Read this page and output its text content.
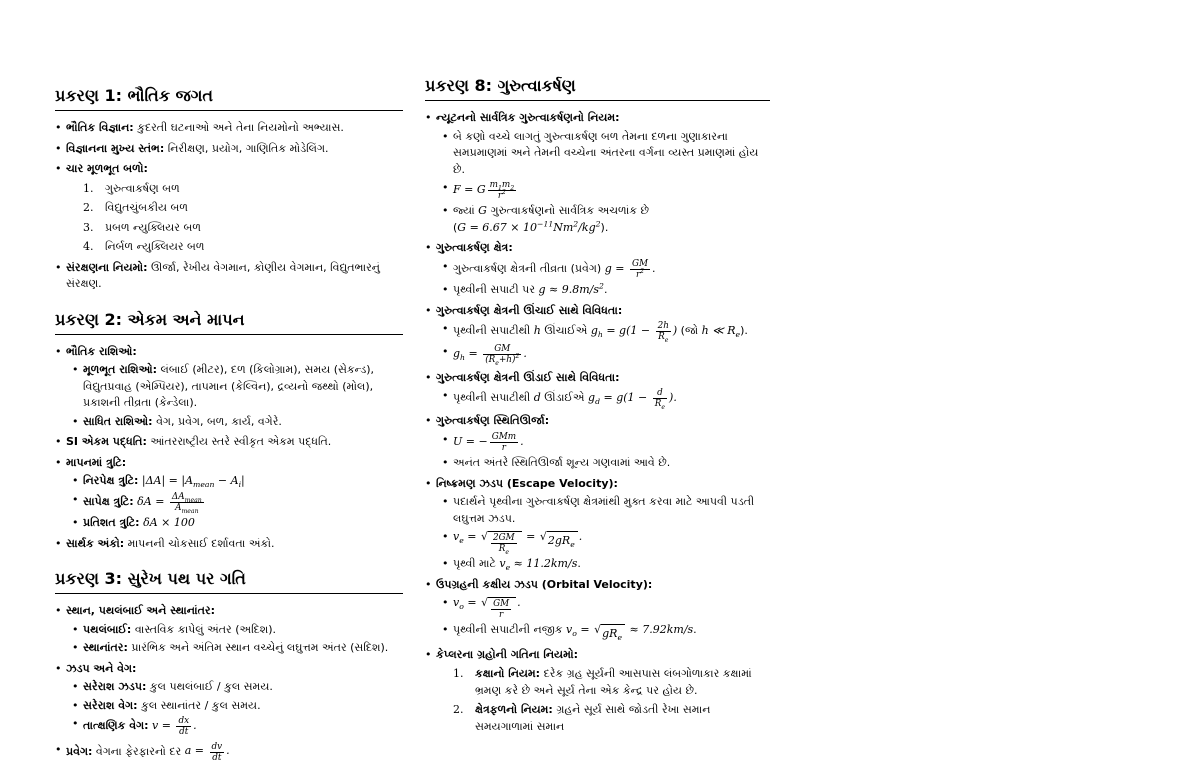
પ્રકરણ 1: ભૌતિક જગત
• ભૌતિક વિજ્ઞાન: કુદરતી ઘટનાઓ અને તેના નિયમોનો અભ્યાસ.
• વિજ્ઞાનના મુખ્ય સ્તંભ: નિરીક્ષણ, પ્રયોગ, ગાણિતિક મોડેલિંગ.
• ચાર મૂળભૂત બળો:
1. ગુરુત્વાકર્ષણ બળ
2. વિદ્યુતચુંબકીય બળ
3. પ્રબળ ન્યુક્લિયર બળ
4. નિર્બળ ન્યુક્લિયર બળ
• સંરક્ષણના નિયમો: ઊર્જા, રેખીય વેગમાન, કોણીય વેગમાન, વિદ્યુતભારનું સંરક્ષણ.
પ્રકરણ 2: એકમ અને માપન
• ભૌતિક રાશિઓ:
• મૂળભૂત રાશિઓ: લંબાઈ (મીટર), દળ (કિલોગ્રામ), સમય (સેકન્ડ), વિદ્યુતપ્રવાહ (એમ્પિયર), તાપમાન (કેલ્વિન), દ્રવ્યનો જથ્થો (મોલ), પ્રકાશની તીવ્રતા (કેન્ડેલા).
• સાધિત રાશિઓ: વેગ, પ્રવેગ, બળ, કાર્ય, વગેરે.
• SI એકમ પદ્ધતિ: આંતરરાષ્ટ્રીય સ્તરે સ્વીકૃત એકમ પદ્ધતિ.
• માપનમાં ત્રુટિ:
• નિરપેક્ષ ત્રુટિ: $|\Delta A| = |A_{mean} - A_i|$
• સાપેક્ષ ત્રુટિ: $\delta A = \frac{\Delta A_{mean}}{A_{mean}}$
• પ્રતિશત ત્રુટિ: δA × 100
• સાર્થક અંકો: માપનની ચોકસાઈ દર્શાવતા અંકો.
પ્રકરણ 3: સુરેખ પથ પર ગતિ
• સ્થાન, પથલંબાઈ અને સ્થાનાંતર:
• પથલંબાઈ: વાસ્તવિક કાપેલું અંતર (અદિશ).
• સ્થાનાંતર: પ્રારંભિક અને અંતિમ સ્થાન વચ્ચેનું લઘુત્તમ અંતર (સદિશ).
• ઝડપ અને વેગ:
• સરેરાશ ઝડપ: કુલ પથલંબાઈ / કુલ સમય.
• સરેરાશ વેગ: કુલ સ્થાનાંતર / કુલ સમય.
• તાત્ક્ષણિક વેગ: $v = \frac{dx}{dt}$ .
• પ્રવેગ: વેગના ફેરફારનો દર $a = \frac{dv}{dt}$ .
પ્રકરણ 8: ગુરુત્વાકર્ષણ
• ન્યૂટનનો સાર્વત્રિક ગુરુત્વાકર્ષણનો નિયમ:
• બે કણો વચ્ચે લાગતું ગુરુત્વાકર્ષણ બળ તેમના દળના ગુણાકારના સમપ્રમાણમાં અને તેમની વચ્ચેના અંતરના વર્ગના વ્યસ્ત પ્રમાણમાં હોય છે.
• F = G $\frac{m_1m_2}{r^2}$
• જ્યાં G ગુરુત્વાકર્ષણનો સાર્વત્રિક અચળાંક છે $(G = 6.67 \times 10^{-11}Nm^2/kg^2)$.
• ગુરુત્વાકર્ષણ ક્ષેત્ર:
• ગુરુત્વાકર્ષણ ક્ષેત્રની તીવ્રતા (પ્રવેગ) $g = \frac{GM}{r^2}$ .
• પૃથ્વીની સપાટી પર $g \approx 9.8m/s^2$.
• ગુરુત્વાકર્ષણ ક્ષેત્રની ઊંચાઈ સાથે વિવિધતા:
• પૃથ્વીની સપાટીથી h ઊંચાઈએ $g_h = g(1 - \frac{2h}{R_e}$ ) (જો h ≪ $R_e$).
• $g_h = \frac{GM}{(R_e+h)^2}$ .
• ગુરુત્વાકર્ષણ ક્ષેત્રની ઊંડાઈ સાથે વિવિધતા:
• પૃથ્વીની સપાટીથી d ઊંડાઈએ $g_d = g(1 - \frac{d}{R_e}$ ).
• ગુરુત્વાકર્ષણ સ્થિતિઊર્જા:
• U = − $\frac{\text{GMm}}{r}$ .
• અનંત અંતરે સ્થિતિઊર્જા શૂન્ય ગણવામાં આવે છે.
• નિષ્ક્રમણ ઝડપ (Escape Velocity):
• પદાર્થને પૃથ્વીના ગુરુત્વાકર્ષણ ક્ષેત્રમાંથી મુક્ત કરવા માટે આપવી પડતી લઘુત્તમ ઝડપ.
• $v_e$ = √ $\frac{2GM}{R_e}$ = √ $2gR_e$
.
• પૃથ્વી માટે $v_e \approx 11.2km/s$.
• ઉપગ્રહની કક્ષીય ઝડપ (Orbital Velocity):
• $v_o$ = √ $\frac{GM}{r}$ .
• પૃથ્વીની સપાટીની નજીક $v_o$ = √ $gR_e$
≈ 7.92km/s.
• કેપ્લરના ગ્રહોની ગતિના નિયમો:
1. કક્ષાનો નિયમ: દરેક ગ્રહ સૂર્યની આસપાસ લંબગોળાકાર કક્ષામાં ભ્રમણ કરે છે અને સૂર્ય તેના એક કેન્દ્ર પર હોય છે.
2. ક્ષેત્રફળનો નિયમ: ગ્રહને સૂર્ય સાથે જોડતી રેખા સમાન સમયગાળામાં સમાન
